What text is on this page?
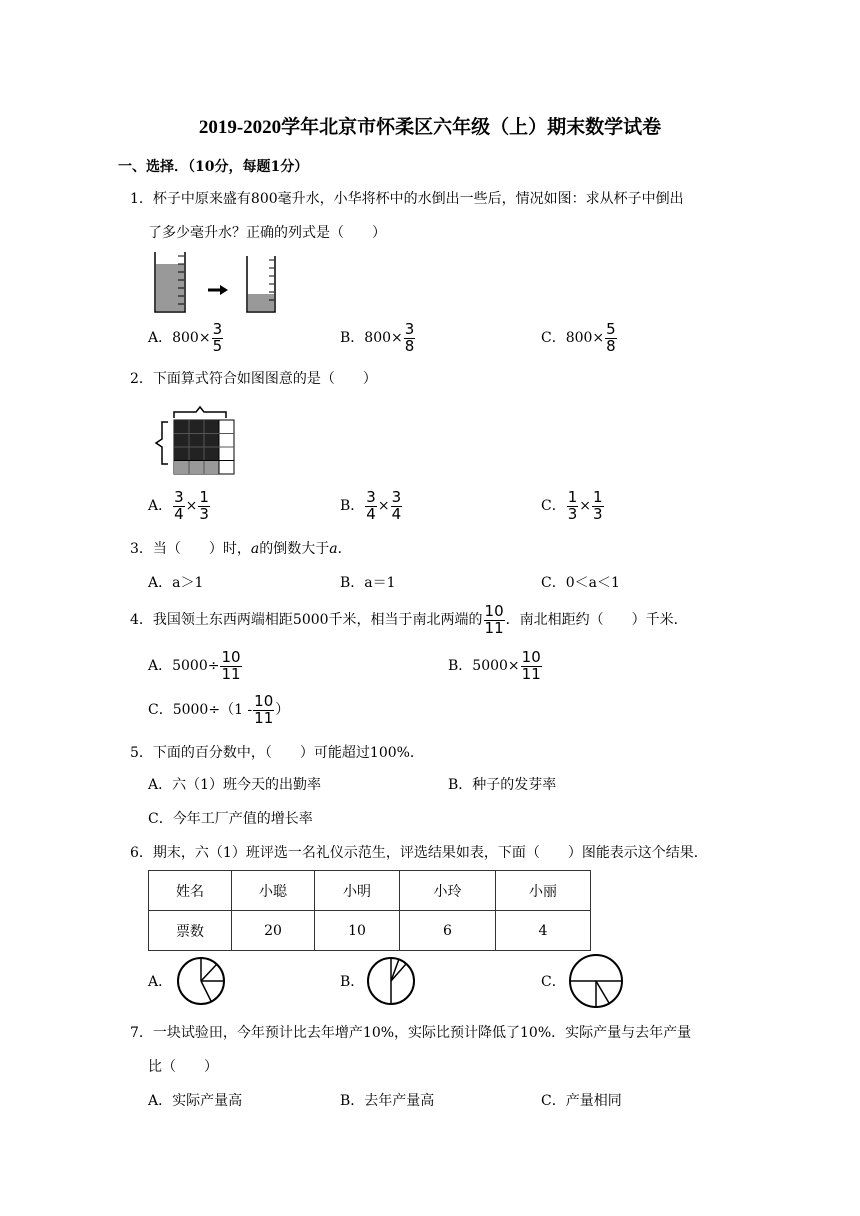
2019-2020学年北京市怀柔区六年级（上）期末数学试卷
一、选择．（10分，每题1分）
1．杯子中原来盛有800毫升水，小华将杯中的水倒出一些后，情况如图：求从杯子中倒出
了多少毫升水？正确的列式是（　　）
A．$800\times \frac{3}{5}$	B．$800\times \frac{3}{8}$	C．$800\times \frac{5}{8}$
2．下面算式符合如图图意的是（　　）
A． $\frac{3}{4} \times \frac{1}{3}$	B． $\frac{3}{4} \times \frac{3}{4}$	C． $\frac{1}{3} \times \frac{1}{3}$
3．当（　　）时，a的倒数大于a．
A．a＞1	B．a＝1	C．0＜a＜1
4．我国领土东西两端相距5000千米，相当于南北两端的 $\frac{10}{11}$ ．南北相距约（　　）千米．
A．$5000\div \frac{10}{11}$	B．$5000\times \frac{10}{11}$
C．$5000\div(1 - \frac{10}{11}$ ）
5．下面的百分数中，（　　）可能超过100%．
A．六（1）班今天的出勤率	B．种子的发芽率
C．今年工厂产值的增长率
6．期末，六（1）班评选一名礼仪示范生，评选结果如表，下面（　　）图能表示这个结果．
姓名	小聪	小明	小玲	小丽
票数	20	10	6	4
A．	B．	C．
7．一块试验田，今年预计比去年增产10%，实际比预计降低了10%．实际产量与去年产量
比（　　）
A．实际产量高	B．去年产量高	C．产量相同
